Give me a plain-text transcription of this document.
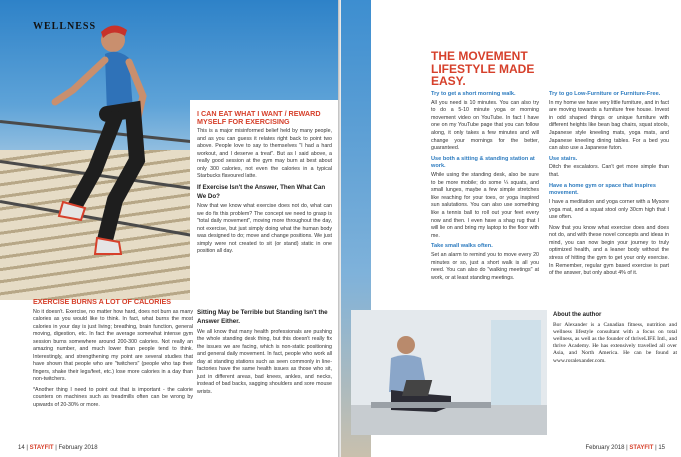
WELLNESS
I CAN EAT WHAT I WANT / REWARD MYSELF FOR EXERCISING

This is a major misinformed belief held by many people, and as you can guess it relates right back to point two above. People love to say to themselves "I had a hard workout, and I deserve a treat". But as I said above, a really good session at the gym may burn at best about only 300 calories, not even the calories in a typical Starbucks flavoured latte.

If Exercise Isn't the Answer, Then What Can We Do?

Now that we know what exercise does not do, what can we do fix this problem? The concept we need to grasp is "total daily movement", moving more throughout the day, not exercise, but just simply doing what the human body was designed to do; move and change positions. We just simply were not created to sit (or stand) static in one position all day.

EXERCISE BURNS A LOT OF CALORIES

No it doesn't. Exercise, no matter how hard, does not burn as many calories as you would like to think. In fact, what burns the most calories in your day is just living; breathing, brain function, general moving, digestion, etc. In fact the average somewhat intense gym session burns somewhere around 200-300 calories. Not really an amazing number, and much lower than people tend to think. Interestingly, and strengthening my point are several studies that have shown that people who are "twitchers" (people who tap their fingers, shake their legs/feet, etc.) lose more calories in a day than non-twitchers.

*Another thing I need to point out that is important - the calorie counters on machines such as treadmills often can be wrong by upwards of 20-30% or more.

Sitting May be Terrible but Standing Isn't the Answer Either.

We all know that many health professionals are pushing the whole standing desk thing, but this doesn't really fix the issues we are facing, which is non-static positioning and general daily movement. In fact, people who work all day at standing stations such as seen commonly in line-factories have the same health issues as those who sit, just in different areas, bad knees, ankles, and necks, instead of bad backs, sagging shoulders and sore mouse wrists.

14 | STAYFIT | February 2018
THE MOVEMENT LIFESTYLE MADE EASY.
Try to get a short morning walk.

All you need is 10 minutes. You can also try to do a 5-10 minute yoga or morning movement video on YouTube. In fact I have one on my YouTube page that you can follow along, it only takes a few minutes and will change your mornings for the better, guaranteed.

Use both a sitting & standing station at work.

While using the standing desk, also be sure to be more mobile; do some ¼ squats, and small lunges, maybe a few simple stretches like reaching for your toes, or yoga inspired sun salutations. You can also use something like a tennis ball to roll out your feet every now and then. I even have a shag rug that I will lie on and bring my laptop to the floor with me.

Take small walks often.

Set an alarm to remind you to move every 20 minutes or so, just a short walk is all you need. You can also do "walking meetings" at work, or at least standing meetings.

Try to go Low-Furniture or Furniture-Free.

In my home we have very little furniture, and in fact are moving towards a furniture free house. Invest in odd shaped things or unique furniture with different heights like bean bag chairs, squat stools, Japanese style kneeling mats, yoga mats, and Japanese kneeling dining tables. For a bed you can also use a Japanese futon.

Use stairs.

Ditch the escalators. Can't get more simple than that.

Have a home gym or space that inspires movement.

I have a meditation and yoga corner with a Mysore yoga mat, and a squat stool only 30cm high that I use often.

Now that you know what exercise does and does not do, and with these novel concepts and ideas in mind, you can now begin your journey to truly optimized health, and a leaner body without the stress of hitting the gym to get your only exercise. In Remember, regular gym based exercise is part of the answer, but only about 4% of it.

About the author
Bor Alexander is a Canadian fitness, nutrition and wellness lifestyle consultant with a focus on total wellness, as well as the founder of thriveLIFE Intl., and thrive Academy. He has extensively travelled all over Asia, and North America. He can be found at www.roralexander.com.
February 2018 | STAYFIT | 15
